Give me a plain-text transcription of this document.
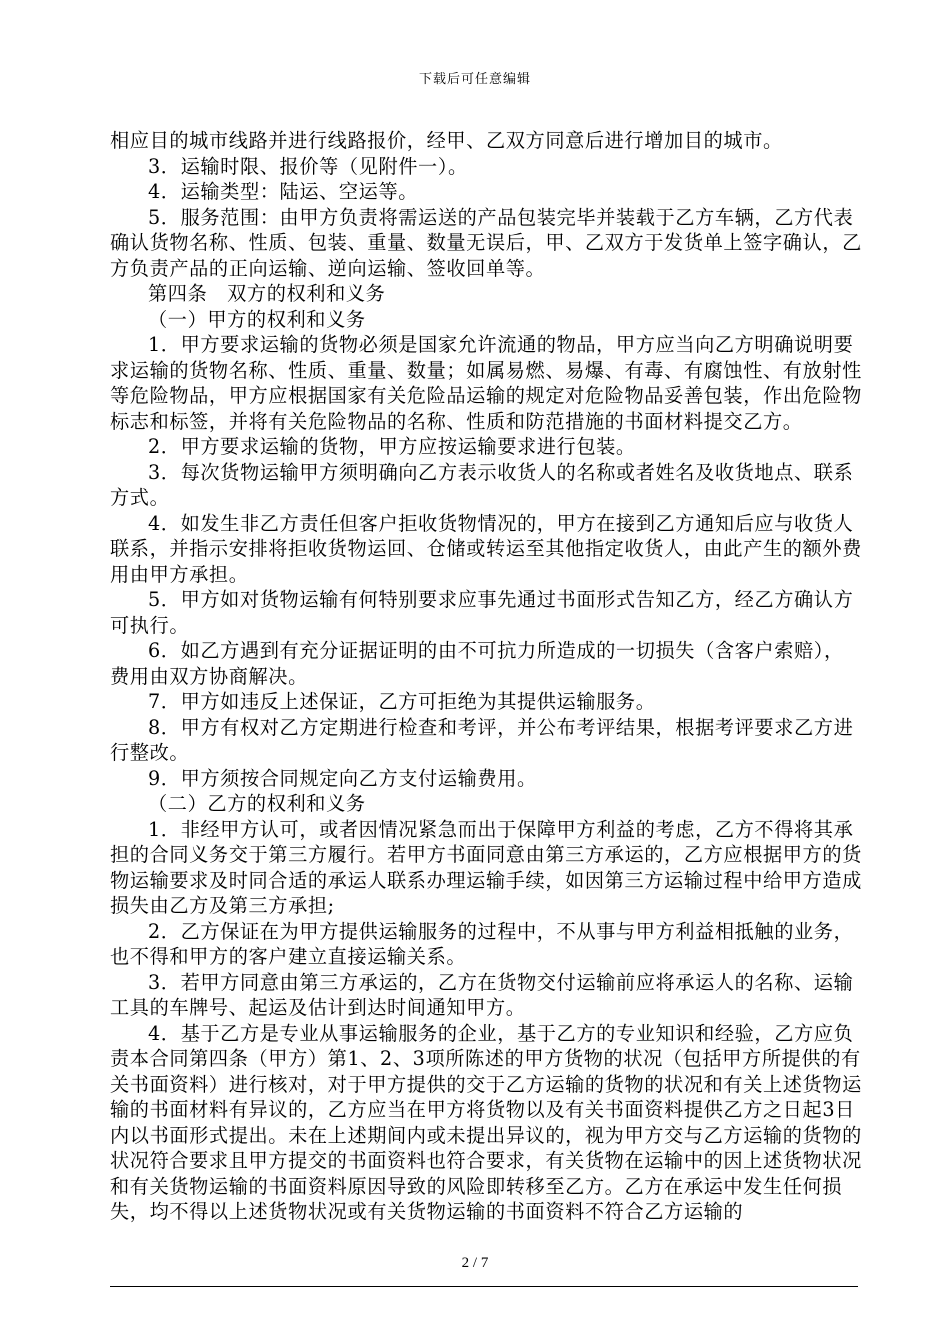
下载后可任意编辑

相应目的城市线路并进行线路报价，经甲、乙双方同意后进行增加目的城市。

3．运输时限、报价等（见附件一）。

4．运输类型：陆运、空运等。

5．服务范围：由甲方负责将需运送的产品包装完毕并装载于乙方车辆，乙方代表确认货物名称、性质、包装、重量、数量无误后，甲、乙双方于发货单上签字确认，乙方负责产品的正向运输、逆向运输、签收回单等。

第四条　双方的权利和义务

（一）甲方的权利和义务

1．甲方要求运输的货物必须是国家允许流通的物品，甲方应当向乙方明确说明要求运输的货物名称、性质、重量、数量；如属易燃、易爆、有毒、有腐蚀性、有放射性等危险物品，甲方应根据国家有关危险品运输的规定对危险物品妥善包装，作出危险物标志和标签，并将有关危险物品的名称、性质和防范措施的书面材料提交乙方。

2．甲方要求运输的货物，甲方应按运输要求进行包装。

3．每次货物运输甲方须明确向乙方表示收货人的名称或者姓名及收货地点、联系方式。

4．如发生非乙方责任但客户拒收货物情况的，甲方在接到乙方通知后应与收货人联系，并指示安排将拒收货物运回、仓储或转运至其他指定收货人，由此产生的额外费用由甲方承担。

5．甲方如对货物运输有何特别要求应事先通过书面形式告知乙方，经乙方确认方可执行。

6．如乙方遇到有充分证据证明的由不可抗力所造成的一切损失（含客户索赔），费用由双方协商解决。

7．甲方如违反上述保证，乙方可拒绝为其提供运输服务。

8．甲方有权对乙方定期进行检查和考评，并公布考评结果，根据考评要求乙方进行整改。

9．甲方须按合同规定向乙方支付运输费用。

（二）乙方的权利和义务

1．非经甲方认可，或者因情况紧急而出于保障甲方利益的考虑，乙方不得将其承担的合同义务交于第三方履行。若甲方书面同意由第三方承运的，乙方应根据甲方的货物运输要求及时同合适的承运人联系办理运输手续，如因第三方运输过程中给甲方造成损失由乙方及第三方承担;

2．乙方保证在为甲方提供运输服务的过程中，不从事与甲方利益相抵触的业务，也不得和甲方的客户建立直接运输关系。

3．若甲方同意由第三方承运的，乙方在货物交付运输前应将承运人的名称、运输工具的车牌号、起运及估计到达时间通知甲方。

4．基于乙方是专业从事运输服务的企业，基于乙方的专业知识和经验，乙方应负责本合同第四条（甲方）第1、2、3项所陈述的甲方货物的状况（包括甲方所提供的有关书面资料）进行核对，对于甲方提供的交于乙方运输的货物的状况和有关上述货物运输的书面材料有异议的，乙方应当在甲方将货物以及有关书面资料提供乙方之日起3日内以书面形式提出。未在上述期间内或未提出异议的，视为甲方交与乙方运输的货物的状况符合要求且甲方提交的书面资料也符合要求，有关货物在运输中的因上述货物状况和有关货物运输的书面资料原因导致的风险即转移至乙方。乙方在承运中发生任何损失，均不得以上述货物状况或有关货物运输的书面资料不符合乙方运输的

2 / 7
